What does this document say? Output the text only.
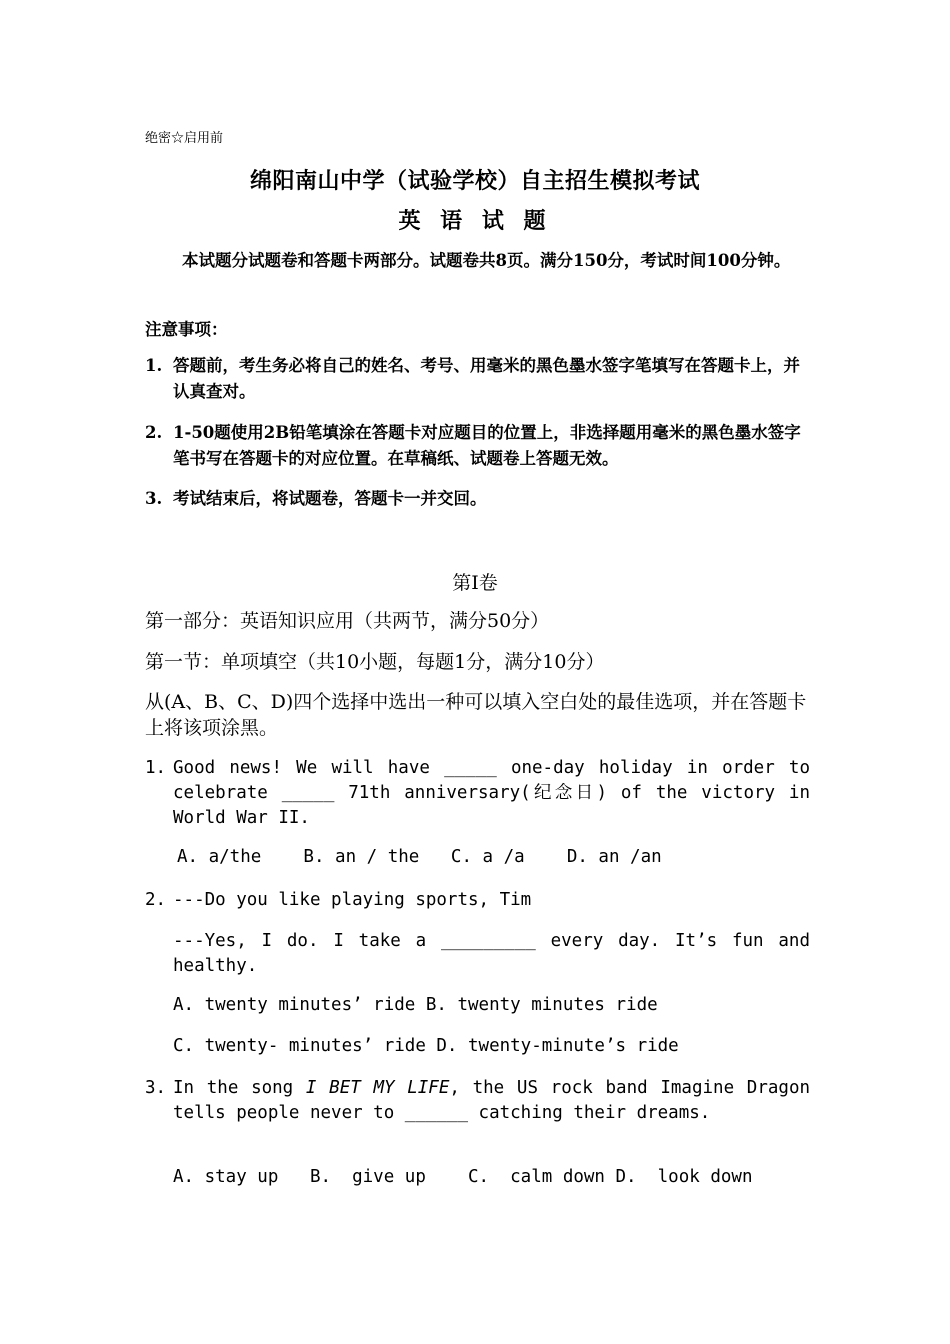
绝密☆启用前
绵阳南山中学（试验学校）自主招生模拟考试
英 语 试 题
本试题分试题卷和答题卡两部分。试题卷共8页。满分150分，考试时间100分钟。
注意事项：
1. 答题前，考生务必将自己的姓名、考号、用毫米的黑色墨水签字笔填写在答题卡上，并认真查对。
2. 1-50题使用2B铅笔填涂在答题卡对应题目的位置上，非选择题用毫米的黑色墨水签字笔书写在答题卡的对应位置。在草稿纸、试题卷上答题无效。
3. 考试结束后，将试题卷，答题卡一并交回。
第I卷
第一部分：英语知识应用（共两节，满分50分）
第一节：单项填空（共10小题，每题1分，满分10分）
从(A、B、C、D)四个选择中选出一种可以填入空白处的最佳选项，并在答题卡上将该项涂黑。
1. Good news! We will have _____ one-day holiday in order to celebrate _____ 71th anniversary(纪念日) of the victory in World War II.
A. a/the    B. an / the   C. a /a    D. an /an
2. ---Do you like playing sports, Tim
---Yes, I do. I take a _________ every day. It’s fun and healthy.
A. twenty minutes’ ride B. twenty minutes ride
C. twenty- minutes’ ride D. twenty-minute’s ride
3. In the song I BET MY LIFE, the US rock band Imagine Dragon tells people never to ______ catching their dreams.
A. stay up   B.  give up    C.  calm down D.  look down
